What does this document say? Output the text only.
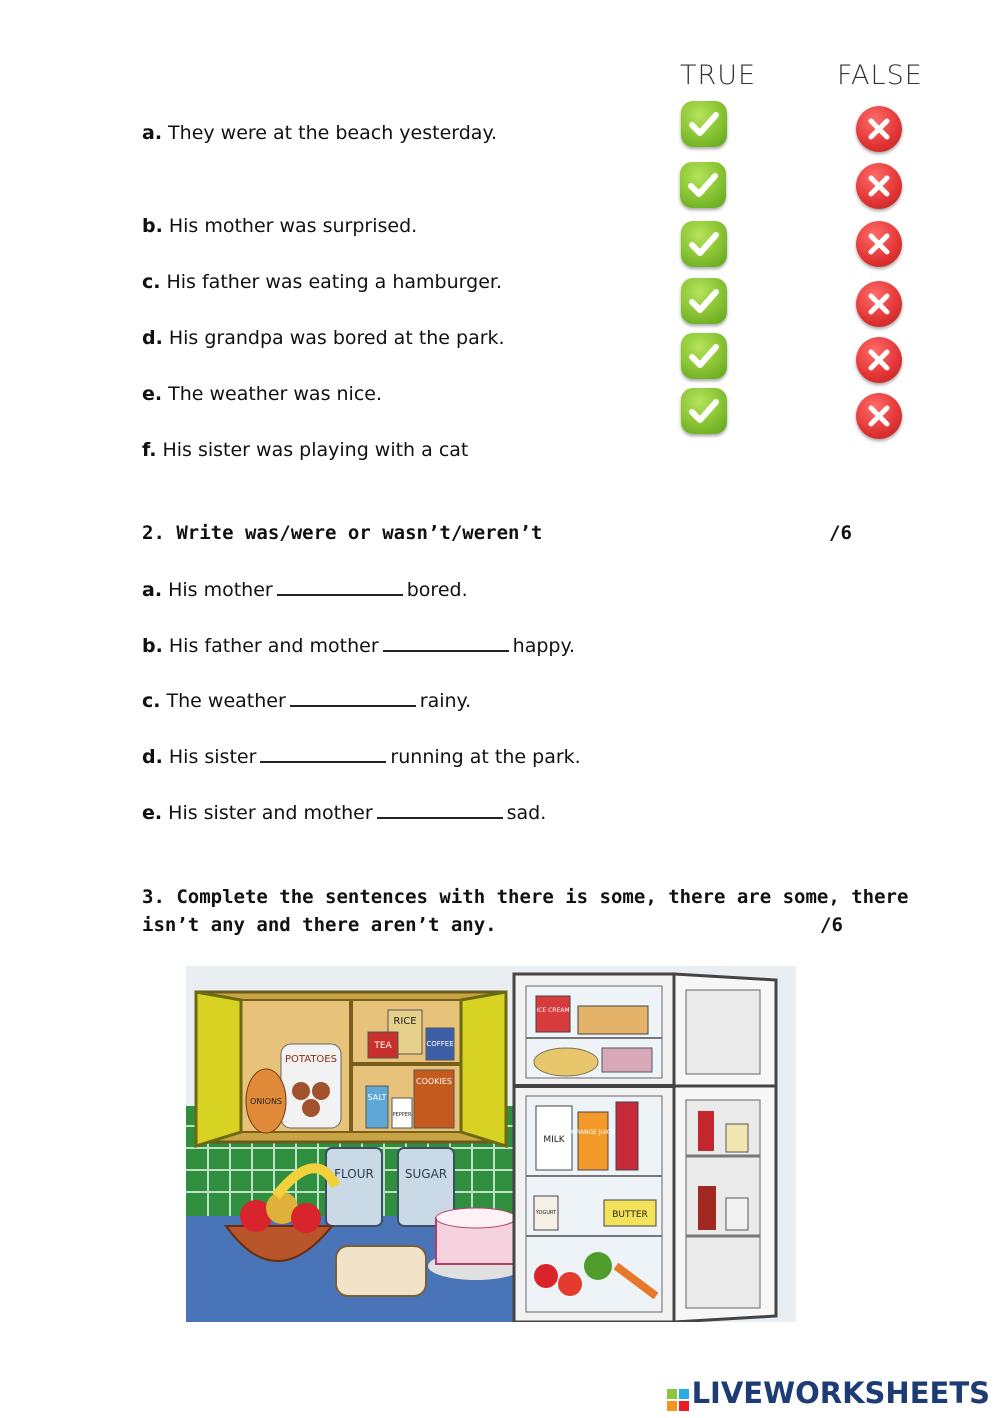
TRUE	FALSE
a. They were at the beach yesterday.
b. His mother was surprised.
c. His father was eating a hamburger.
d. His grandpa was bored at the park.
e. The weather was nice.
f. His sister was playing with a cat
2. Write was/were or wasn’t/weren’t	/6
a. His mother	bored.
b. His father and mother	happy.
c. The weather	rainy.
d. His sister	running at the park.
e. His sister and mother	sad.
3. Complete the sentences with there is some, there are some, there
isn’t any and there aren’t any.	/6
POTATOES
ONIONS
RICE
TEA	COFFEE
SALT
PEPPER
COOKIES
FLOUR	SUGAR
ICE CREAM
MILK
ORANGE JUICE
YOGURT	BUTTER
LIVEWORKSHEETS
